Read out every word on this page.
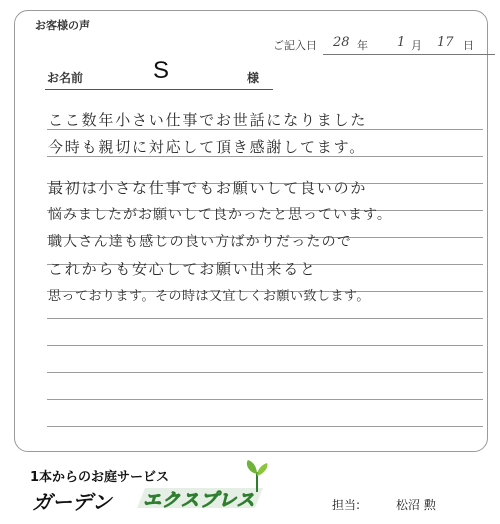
お客様の声
ご記入日 28 年 1 月 17 日
お名前	S	様
ここ数年小さい仕事でお世話になりました
今時も親切に対応して頂き感謝してます。
最初は小さな仕事でもお願いして良いのか
悩みましたがお願いして良かったと思っています。
職人さん達も感じの良い方ばかりだったので
これからも安心してお願い出来ると
思っております。その時は又宜しくお願い致します。
1本からのお庭サービス
ガーデン エクスプレス	担当:	松沼 勲
